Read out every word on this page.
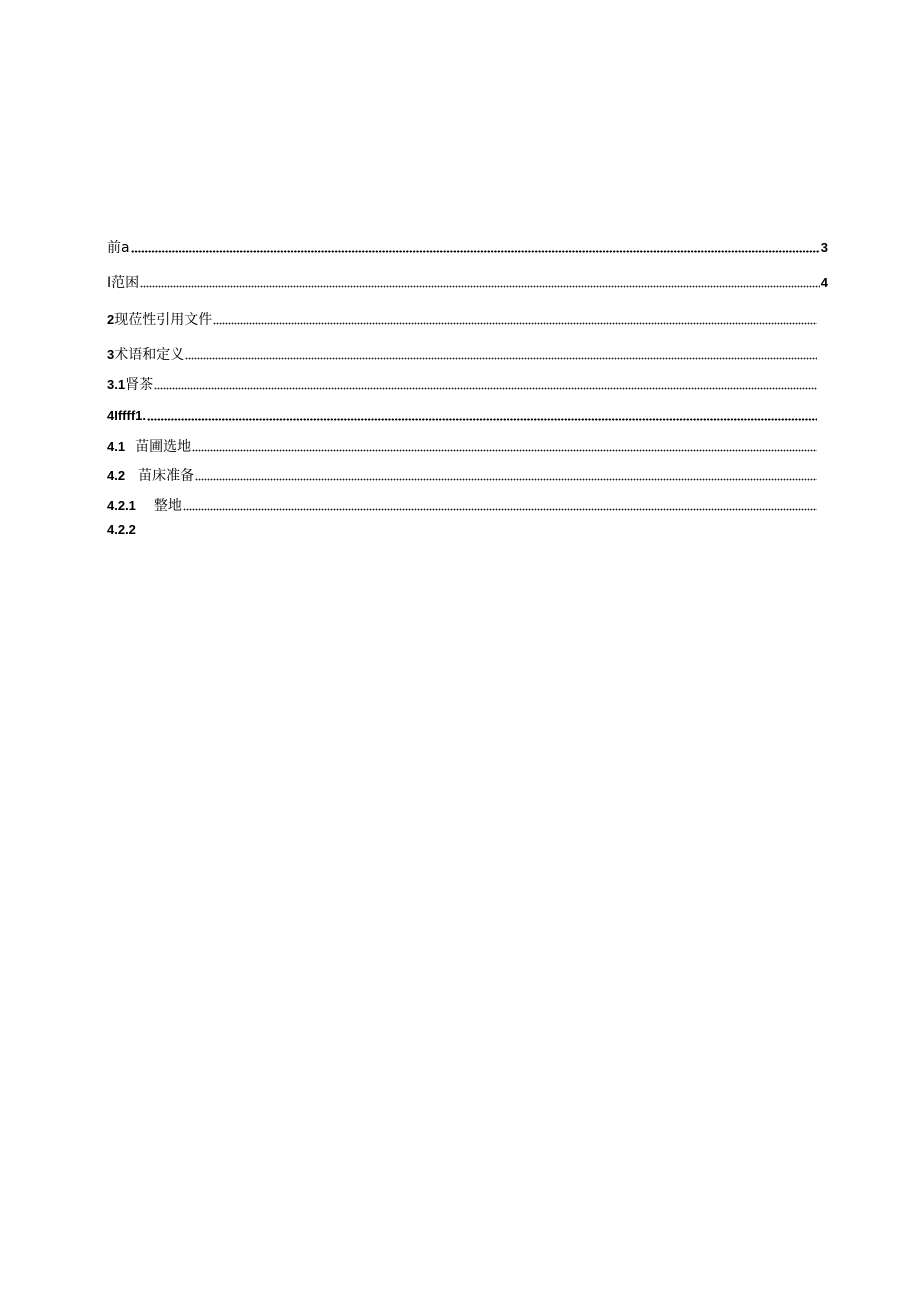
前a	3
I范困	4
2 现莅性引用文件
3 术语和定义
3.1 肾茶
4Iffff1.
4.1 苗圃选地
4.2 苗床准备
4.2.1 整地
4.2.2
